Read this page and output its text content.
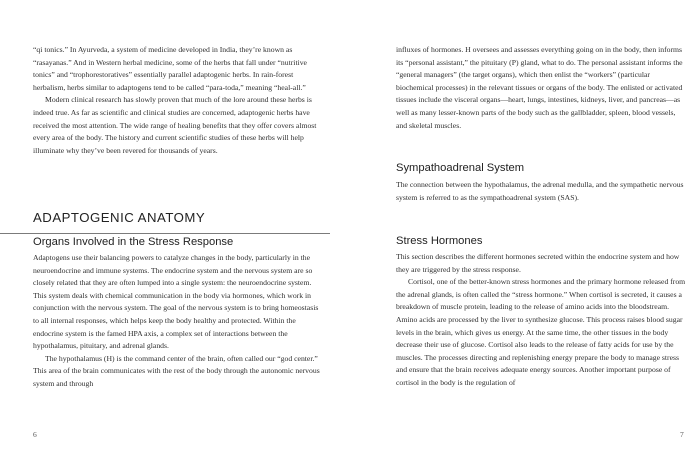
“qi tonics.” In Ayurveda, a system of medicine developed in India, they’re known as “rasayanas.” And in Western herbal medicine, some of the herbs that fall under “nutritive tonics” and “trophorestoratives” essentially parallel adaptogenic herbs. In rain-forest herbalism, herbs similar to adaptogens tend to be called “para-toda,” meaning “heal-all.”

Modern clinical research has slowly proven that much of the lore around these herbs is indeed true. As far as scientific and clinical studies are concerned, adaptogenic herbs have received the most attention. The wide range of healing benefits that they offer covers almost every area of the body. The history and current scientific studies of these herbs will help illuminate why they’ve been revered for thousands of years.

ADAPTOGENIC ANATOMY
Organs Involved in the Stress Response

Adaptogens use their balancing powers to catalyze changes in the body, particularly in the neuroendocrine and immune systems. The endocrine system and the nervous system are so closely related that they are often lumped into a single system: the neuroendocrine system. This system deals with chemical communication in the body via hormones, which work in conjunction with the nervous system. The goal of the nervous system is to bring homeostasis to all internal responses, which helps keep the body healthy and protected. Within the endocrine system is the famed HPA axis, a complex set of interactions between the hypothalamus, pituitary, and adrenal glands.

The hypothalamus (H) is the command center of the brain, often called our “god center.” This area of the brain communicates with the rest of the body through the autonomic nervous system and through

6

influxes of hormones. H oversees and assesses everything going on in the body, then informs its “personal assistant,” the pituitary (P) gland, what to do. The personal assistant informs the “general managers” (the target organs), which then enlist the “workers” (particular biochemical processes) in the relevant tissues or organs of the body. The enlisted or activated tissues include the visceral organs—heart, lungs, intestines, kidneys, liver, and pancreas—as well as many lesser-known parts of the body such as the gallbladder, spleen, blood vessels, and skeletal muscles.

Sympathoadrenal System

The connection between the hypothalamus, the adrenal medulla, and the sympathetic nervous system is referred to as the sympathoadrenal system (SAS).

Stress Hormones

This section describes the different hormones secreted within the endocrine system and how they are triggered by the stress response.

Cortisol, one of the better-known stress hormones and the primary hormone released from the adrenal glands, is often called the “stress hormone.” When cortisol is secreted, it causes a breakdown of muscle protein, leading to the release of amino acids into the bloodstream. Amino acids are processed by the liver to synthesize glucose. This process raises blood sugar levels in the brain, which gives us energy. At the same time, the other tissues in the body decrease their use of glucose. Cortisol also leads to the release of fatty acids for use by the muscles. The processes directing and replenishing energy prepare the body to manage stress and ensure that the brain receives adequate energy sources. Another important purpose of cortisol in the body is the regulation of

7
